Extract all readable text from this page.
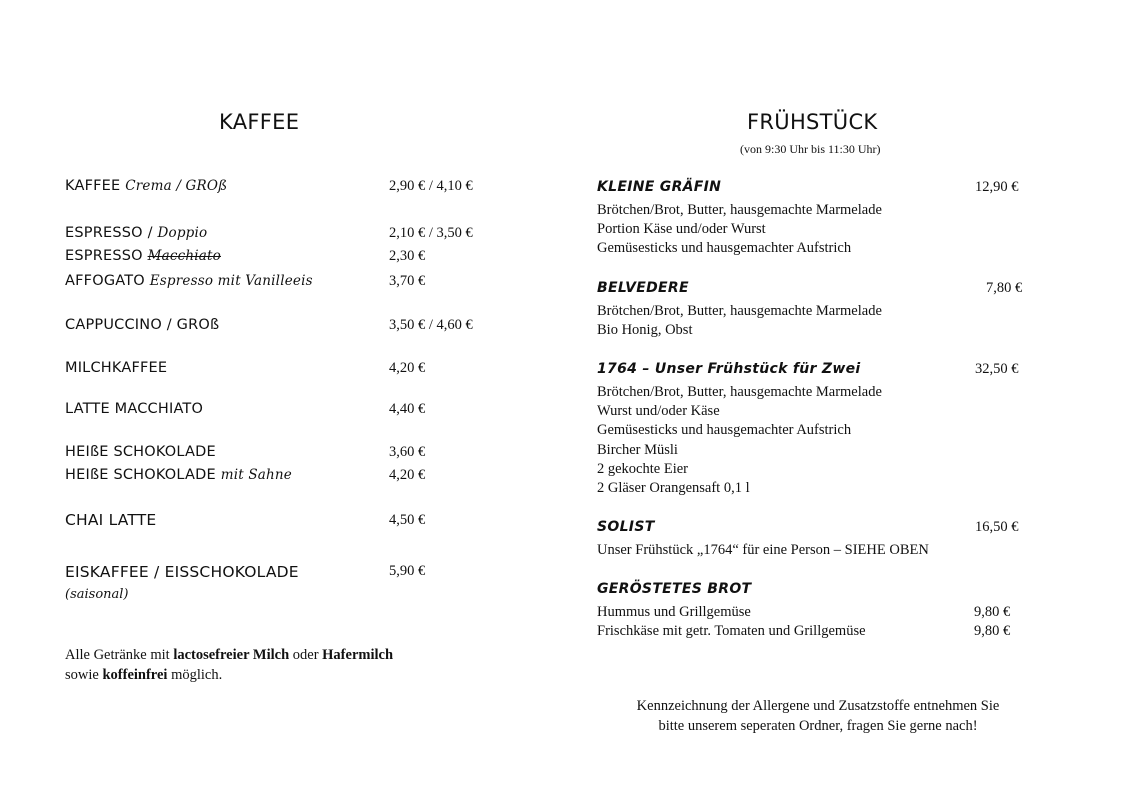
KAFFEE
KAFFEE Crema / GROß	2,90 € / 4,10 €
ESPRESSO / Doppio	2,10 € / 3,50 €
ESPRESSO Macchiato	2,30 €
AFFOGATO Espresso mit Vanilleeis	3,70 €
CAPPUCCINO / GROß	3,50 € / 4,60 €
MILCHKAFFEE	4,20 €
LATTE MACCHIATO	4,40 €
HEIßE SCHOKOLADE	3,60 €
HEIßE SCHOKOLADE mit Sahne	4,20 €
CHAI LATTE	4,50 €
EISKAFFEE / EISSCHOKOLADE	5,90 €
(saisonal)
Alle Getränke mit lactosefreier Milch oder Hafermilch
sowie koffeinfrei möglich.
FRÜHSTÜCK
(von 9:30 Uhr bis 11:30 Uhr)
KLEINE GRÄFIN	12,90 €
Brötchen/Brot, Butter, hausgemachte Marmelade
Portion Käse und/oder Wurst
Gemüsesticks und hausgemachter Aufstrich
BELVEDERE	7,80 €
Brötchen/Brot, Butter, hausgemachte Marmelade
Bio Honig, Obst
1764 – Unser Frühstück für Zwei	32,50 €
Brötchen/Brot, Butter, hausgemachte Marmelade
Wurst und/oder Käse
Gemüsesticks und hausgemachter Aufstrich
Bircher Müsli
2 gekochte Eier
2 Gläser Orangensaft 0,1 l
SOLIST	16,50 €
Unser Frühstück „1764“ für eine Person – SIEHE OBEN
GERÖSTETES BROT
Hummus und Grillgemüse	9,80 €
Frischkäse mit getr. Tomaten und Grillgemüse	9,80 €
Kennzeichnung der Allergene und Zusatzstoffe entnehmen Sie
bitte unserem seperaten Ordner, fragen Sie gerne nach!
